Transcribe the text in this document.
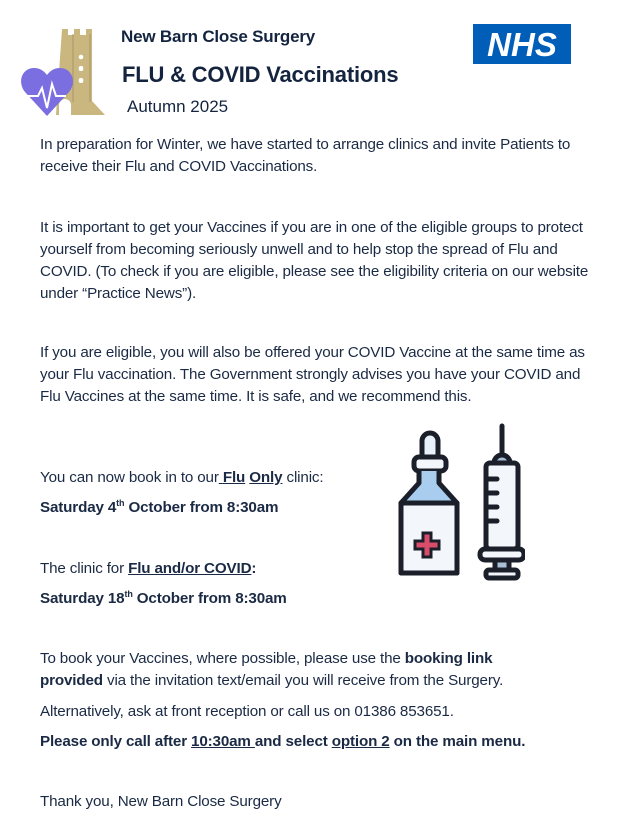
New Barn Close Surgery
FLU & COVID Vaccinations
Autumn 2025
NHS
In preparation for Winter, we have started to arrange clinics and invite Patients to receive their Flu and COVID Vaccinations.
It is important to get your Vaccines if you are in one of the eligible groups to protect yourself from becoming seriously unwell and to help stop the spread of Flu and COVID. (To check if you are eligible, please see the eligibility criteria on our website under “Practice News”).
If you are eligible, you will also be offered your COVID Vaccine at the same time as your Flu vaccination. The Government strongly advises you have your COVID and Flu Vaccines at the same time. It is safe, and we recommend this.
You can now book in to our Flu Only clinic:
Saturday 4th October from 8:30am
The clinic for Flu and/or COVID:
Saturday 18th October from 8:30am
To book your Vaccines, where possible, please use the booking link
provided via the invitation text/email you will receive from the Surgery.
Alternatively, ask at front reception or call us on 01386 853651.
Please only call after 10:30am and select option 2 on the main menu.
Thank you, New Barn Close Surgery
